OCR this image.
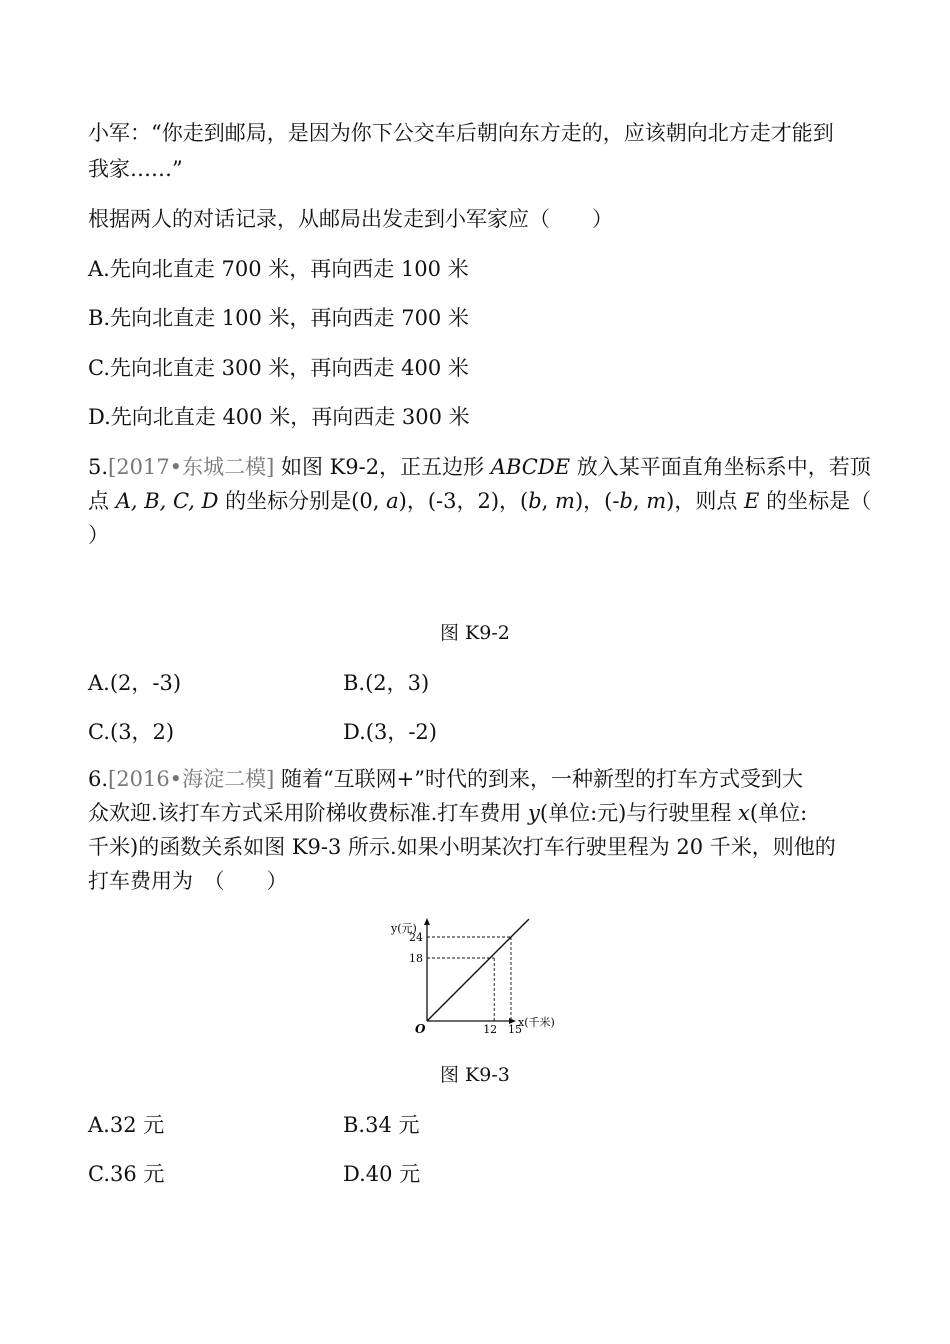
小军：“你走到邮局，是因为你下公交车后朝向东方走的，应该朝向北方走才能到
我家……”
根据两人的对话记录，从邮局出发走到小军家应（　　）
A.先向北直走 700 米，再向西走 100 米
B.先向北直走 100 米，再向西走 700 米
C.先向北直走 300 米，再向西走 400 米
D.先向北直走 400 米，再向西走 300 米
5.[2017•东城二模] 如图 K9-2，正五边形 ABCDE 放入某平面直角坐标系中，若顶
点 A, B, C, D 的坐标分别是(0, a)，(-3，2)，(b, m)，(-b, m)，则点 E 的坐标是（
）
图 K9-2
A.(2，-3)	B.(2，3)
C.(3，2)	D.(3，-2)
6.[2016•海淀二模] 随着“互联网+”时代的到来，一种新型的打车方式受到大
众欢迎.该打车方式采用阶梯收费标准.打车费用 y(单位:元)与行驶里程 x(单位:
千米)的函数关系如图 K9-3 所示.如果小明某次打车行驶里程为 20 千米，则他的
打车费用为　（　　）
x(千米)
y(元)
O
18
24
12 15
图 K9-3
A.32 元	B.34 元
C.36 元	D.40 元
